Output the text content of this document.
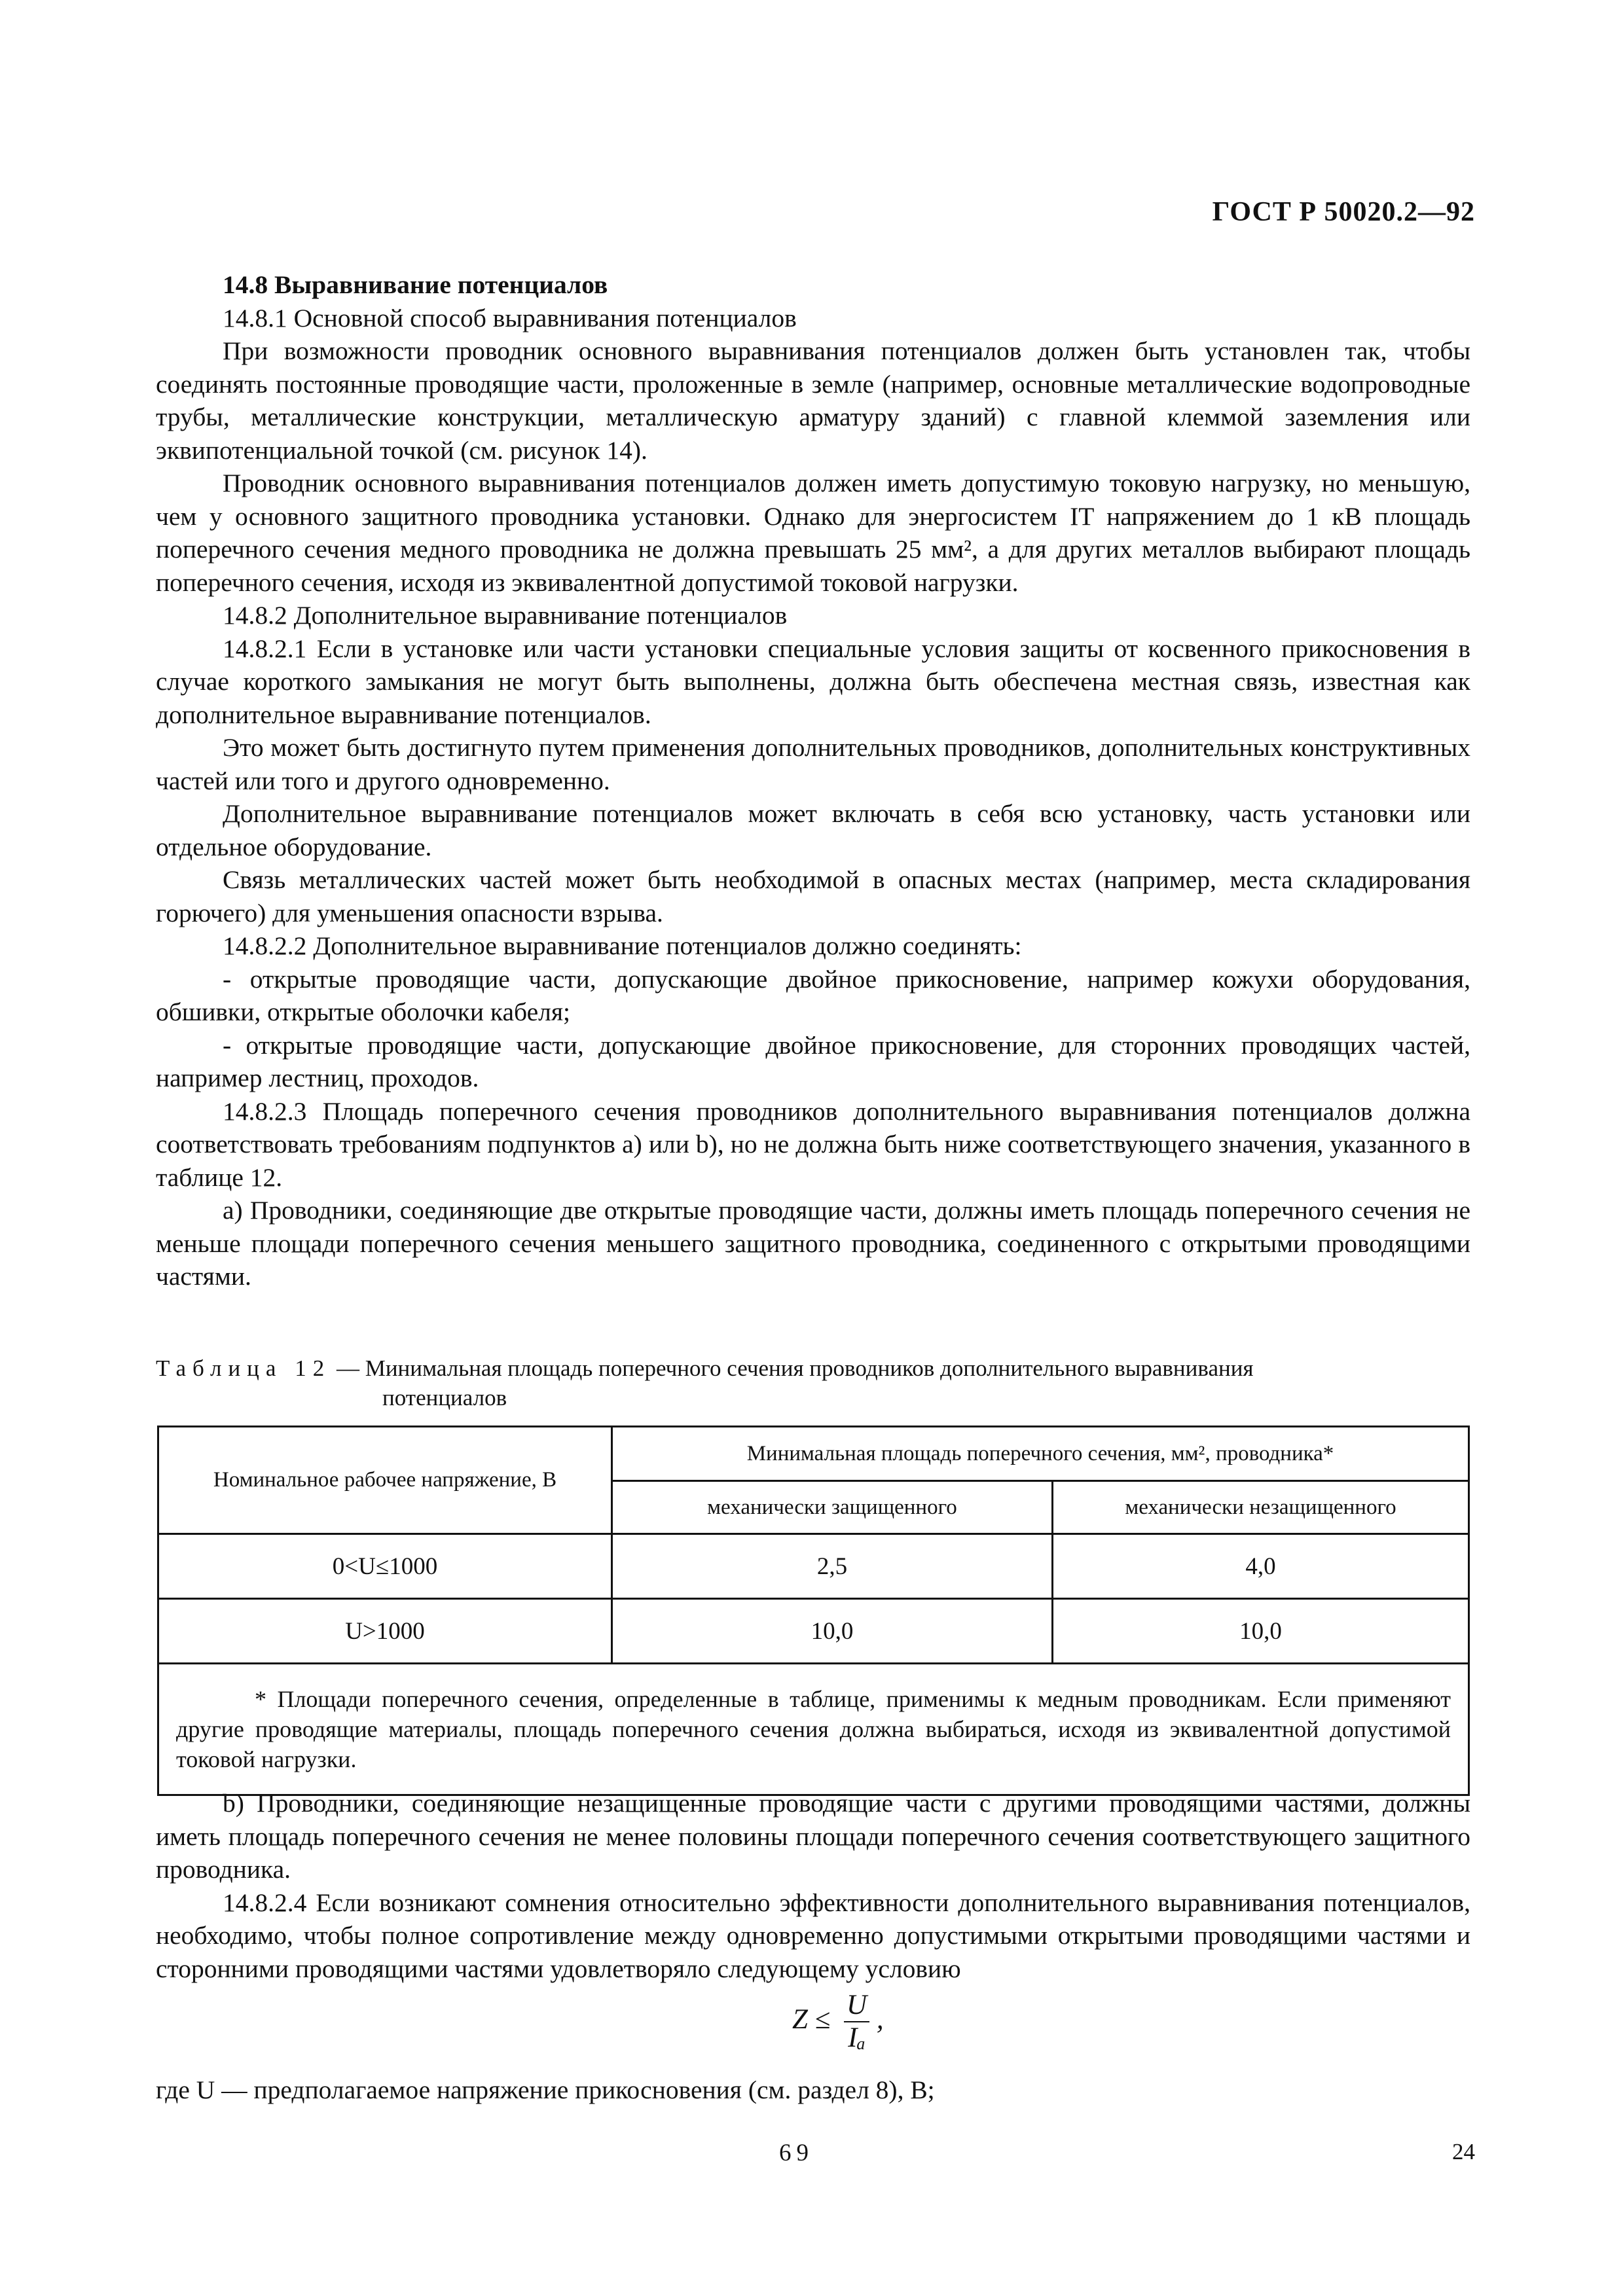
ГОСТ Р 50020.2—92

14.8 Выравнивание потенциалов

14.8.1 Основной способ выравнивания потенциалов

При возможности проводник основного выравнивания потенциалов должен быть установлен так, чтобы соединять постоянные проводящие части, проложенные в земле (например, основные металлические водопроводные трубы, металлические конструкции, металлическую арматуру зданий) с главной клеммой заземления или эквипотенциальной точкой (см. рисунок 14).

Проводник основного выравнивания потенциалов должен иметь допустимую токовую нагрузку, но меньшую, чем у основного защитного проводника установки. Однако для энергосистем IT напряжением до 1 кВ площадь поперечного сечения медного проводника не должна превышать 25 мм², а для других металлов выбирают площадь поперечного сечения, исходя из эквивалентной допустимой токовой нагрузки.

14.8.2 Дополнительное выравнивание потенциалов

14.8.2.1 Если в установке или части установки специальные условия защиты от косвенного прикосновения в случае короткого замыкания не могут быть выполнены, должна быть обеспечена местная связь, известная как дополнительное выравнивание потенциалов.

Это может быть достигнуто путем применения дополнительных проводников, дополнительных конструктивных частей или того и другого одновременно.

Дополнительное выравнивание потенциалов может включать в себя всю установку, часть установки или отдельное оборудование.

Связь металлических частей может быть необходимой в опасных местах (например, места складирования горючего) для уменьшения опасности взрыва.

14.8.2.2 Дополнительное выравнивание потенциалов должно соединять:

- открытые проводящие части, допускающие двойное прикосновение, например кожухи оборудования, обшивки, открытые оболочки кабеля;

- открытые проводящие части, допускающие двойное прикосновение, для сторонних проводящих частей, например лестниц, проходов.

14.8.2.3 Площадь поперечного сечения проводников дополнительного выравнивания потенциалов должна соответствовать требованиям подпунктов а) или b), но не должна быть ниже соответствующего значения, указанного в таблице 12.

а) Проводники, соединяющие две открытые проводящие части, должны иметь площадь поперечного сечения не меньше площади поперечного сечения меньшего защитного проводника, соединенного с открытыми проводящими частями.

Таблица 12 — Минимальная площадь поперечного сечения проводников дополнительного выравнивания
потенциалов
Номинальное рабочее напряжение, В	Минимальная площадь поперечного сечения, мм², проводника*	
	механически защищенного	механически незащищенного
0<U≤1000	2,5	4,0
U>1000	10,0	10,0
* Площади поперечного сечения, определенные в таблице, применимы к медным проводникам. Если применяют другие проводящие материалы, площадь поперечного сечения должна выбираться, исходя из эквивалентной допустимой токовой нагрузки.		

b) Проводники, соединяющие незащищенные проводящие части с другими проводящими частями, должны иметь площадь поперечного сечения не менее половины площади поперечного сечения соответствующего защитного проводника.

14.8.2.4 Если возникают сомнения относительно эффективности дополнительного выравнивания потенциалов, необходимо, чтобы полное сопротивление между одновременно допустимыми открытыми проводящими частями и сторонними проводящими частями удовлетворяло следующему условию

$Z \le \frac{U}{\text{Iₐ}}$ ,
где U — предполагаемое напряжение прикосновения (см. раздел 8), В;
69	24
